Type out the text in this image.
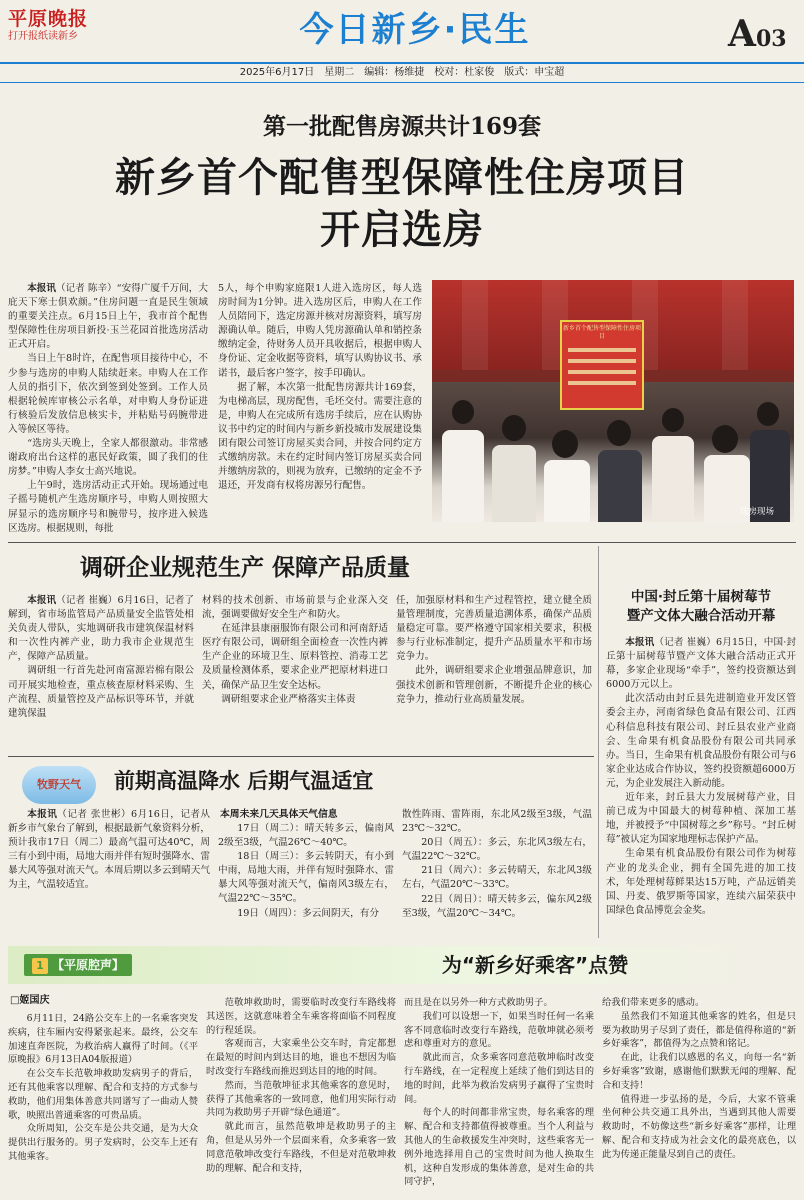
平原晚报
打开报纸读新乡	今日新乡·民生	A03
2025年6月17日　星期二　编辑：杨维捷　校对：杜家俊　版式：申宝超
第一批配售房源共计169套
新乡首个配售型保障性住房项目
开启选房

本报讯（记者 陈辛）“安得广厦千万间，大庇天下寒士俱欢颜。”住房问题一直是民生领域的重要关注点。6月15日上午，我市首个配售型保障性住房项目新投·玉兰花园首批选房活动正式开启。

当日上午8时许，在配售项目接待中心，不少参与选房的申购人陆续赶来。申购人在工作人员的指引下，依次到签到处签到。工作人员根据轮候库审核公示名单，对申购人身份证进行核验后发放信息核实卡，并粘贴号码腕带进入等候区等待。

“选房头天晚上，全家人都很激动。非常感谢政府出台这样的惠民好政策，圆了我们的住房梦。”申购人李女士高兴地说。

上午9时，选房活动正式开始。现场通过电子摇号随机产生选房顺序号，申购人则按照大屏显示的选房顺序号和腕带号，按序进入候选区选房。根据规则，每批

5人，每个申购家庭限1人进入选房区，每人选房时间为1分钟。进入选房区后，申购人在工作人员陪同下，选定房源并核对房源资料，填写房源确认单。随后，申购人凭房源确认单和销控条缴纳定金，待财务人员开具收据后，根据申购人身份证、定金收据等资料，填写认购协议书、承诺书，最后客户签字，按手印确认。

据了解，本次第一批配售房源共计169套，为电梯高层，现房配售，毛坯交付。需要注意的是，申购人在完成所有选房手续后，应在认购协议书中约定的时间内与新乡新投城市发展建设集团有限公司签订房屋买卖合同，并按合同约定方式缴纳房款。未在约定时间内签订房屋买卖合同并缴纳房款的，则视为放弃，已缴纳的定金不予退还，开发商有权将房源另行配售。

新乡首个配售型保障性住房项目
选房现场
调研企业规范生产 保障产品质量

本报讯（记者 崔巍）6月16日，记者了解到，省市场监管局产品质量安全监管处相关负责人带队，实地调研我市建筑保温材料和一次性内裤产业，助力我市企业规范生产，保障产品质量。

调研组一行首先赴河南富源岩棉有限公司开展实地检查，重点核查原材料采购、生产流程、质量管控及产品标识等环节，并就建筑保温

材料的技术创新、市场前景与企业深入交流，强调要做好安全生产和防火。

在延津县康丽服饰有限公司和河南舒适医疗有限公司，调研组全面检查一次性内裤生产企业的环境卫生、原料管控、消毒工艺及质量检测体系，要求企业严把原材料进口关，确保产品卫生安全达标。

调研组要求企业严格落实主体责

任，加强原材料和生产过程管控，建立健全质量管理制度，完善质量追溯体系，确保产品质量稳定可靠。要严格遵守国家相关要求，积极参与行业标准制定，提升产品质量水平和市场竞争力。

此外，调研组要求企业增强品牌意识，加强技术创新和管理创新，不断提升企业的核心竞争力，推动行业高质量发展。

中国·封丘第十届树莓节
暨产文体大融合活动开幕

本报讯（记者 崔巍）6月15日，中国·封丘第十届树莓节暨产文体大融合活动正式开幕，多家企业现场“牵手”，签约投资额达到6000万元以上。

此次活动由封丘县先进制造业开发区管委会主办，河南省绿色食品有限公司、江西心科信息科技有限公司、封丘县农业产业商会、生命果有机食品股份有限公司共同承办。当日，生命果有机食品股份有限公司与6家企业达成合作协议，签约投资额超6000万元，为企业发展注入新动能。

近年来，封丘县大力发展树莓产业，目前已成为中国最大的树莓种植、深加工基地，并被授予“中国树莓之乡”称号。“封丘树莓”被认定为国家地理标志保护产品。

生命果有机食品股份有限公司作为树莓产业的龙头企业，拥有全国先进的加工技术，年处理树莓鲜果达15万吨，产品远销美国、丹麦、俄罗斯等国家，连续六届荣获中国绿色食品博览会金奖。

牧野天气	前期高温降水 后期气温适宜

本报讯（记者 张世彬）6月16日，记者从新乡市气象台了解到，根据最新气象资料分析，预计我市17日（周二）最高气温可达40℃，周三有小到中雨，局地大雨并伴有短时强降水、雷暴大风等强对流天气。本周后期以多云到晴天气为主，气温较适宜。

本周未来几天具体天气信息

17日（周二）：晴天转多云，偏南风2级至3级，气温26℃～40℃。

18日（周三）：多云转阴天，有小到中雨，局地大雨，并伴有短时强降水、雷暴大风等强对流天气，偏南风3级左右，气温22℃～35℃。

19日（周四）：多云间阴天，有分

散性阵雨、雷阵雨，东北风2级至3级，气温23℃～32℃。

20日（周五）：多云，东北风3级左右，气温22℃～32℃。

21日（周六）：多云转晴天，东北风3级左右，气温20℃～33℃。

22日（周日）：晴天转多云，偏东风2级至3级，气温20℃～34℃。

1 【平原腔声】	为“新乡好乘客”点赞
□姬国庆

6月11日，24路公交车上的一名乘客突发疾病，往车厢内安得紧张起来。最终，公交车加速直奔医院，为救治病人赢得了时间。（《平原晚报》6月13日A04版报道）

在公交车长范敬坤救助发病男子的背后，还有其他乘客以理解、配合和支持的方式参与救助，他们用集体善意共同谱写了一曲动人赞歌，映照出普通乘客的可贵品质。

众所周知，公交车是公共交通，是为大众提供出行服务的。男子发病时，公交车上还有其他乘客。

范敬坤救助时，需要临时改变行车路线将其送医，这就意味着全车乘客将面临不同程度的行程延误。

客观而言，大家乘坐公交车时，肯定都想在最短的时间内到达目的地，谁也不想因为临时改变行车路线而推迟到达目的地的时间。

然而，当范敬坤征求其他乘客的意见时，获得了其他乘客的一致同意，他们用实际行动共同为救助男子开辟“绿色通道”。

就此而言，虽然范敬坤是救助男子的主角，但是从另外一个层面来看，众多乘客一致同意范敬坤改变行车路线，不但是对范敬坤救助的理解、配合和支持，

而且是在以另外一种方式救助男子。

我们可以设想一下，如果当时任何一名乘客不同意临时改变行车路线，范敬坤就必须考虑和尊重对方的意见。

就此而言，众多乘客同意范敬坤临时改变行车路线，在一定程度上延续了他们到达目的地的时间，此举为救治发病男子赢得了宝贵时间。

每个人的时间都非常宝贵，每名乘客的理解、配合和支持都值得被尊重。当个人利益与其他人的生命救援发生冲突时，这些乘客无一例外地选择用自己的宝贵时间为他人换取生机，这种自发形成的集体善意，是对生命的共同守护，

给我们带来更多的感动。

虽然我们不知道其他乘客的姓名，但是只要为救助男子尽到了责任，都是值得称道的“新乡好乘客”，都值得为之点赞和铭记。

在此，让我们以感恩的名义，向每一名“新乡好乘客”致谢，感谢他们默默无闻的理解、配合和支持！

值得进一步弘扬的是，今后，大家不管乘坐何种公共交通工具外出，当遇到其他人需要救助时，不妨像这些“新乡好乘客”那样，让理解、配合和支持成为社会文化的最亮底色，以此为传递正能量尽到自己的责任。
